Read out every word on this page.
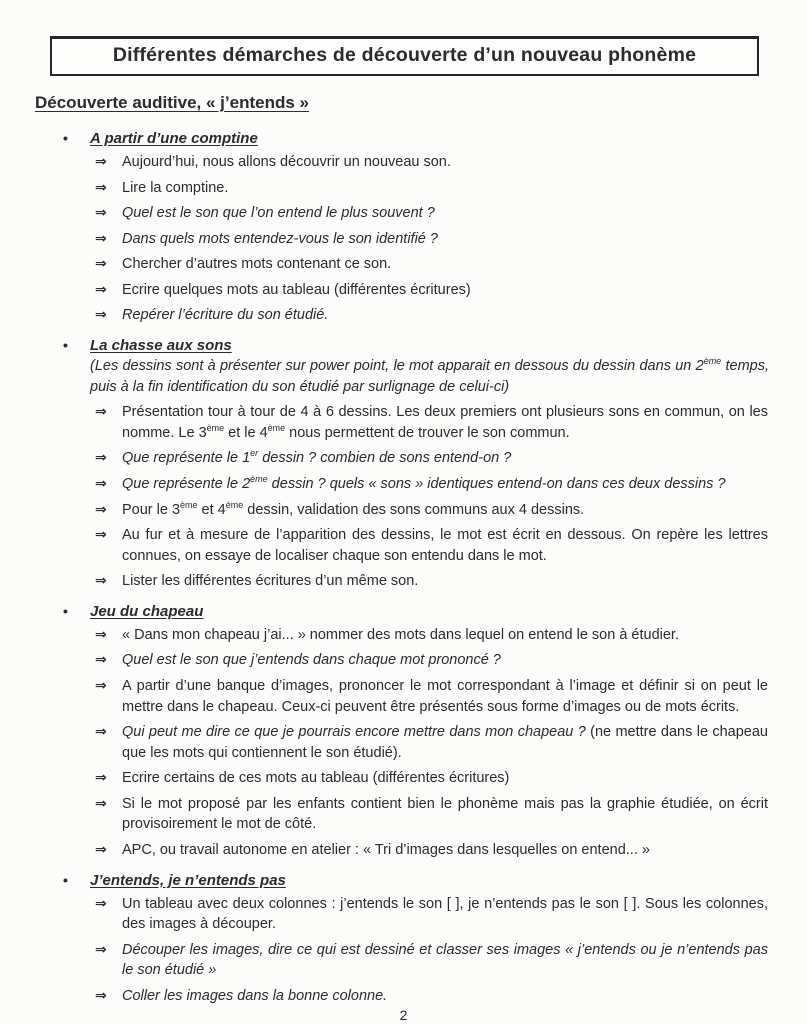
Différentes démarches de découverte d’un nouveau phonème
Découverte auditive, « j’entends »
• A partir d’une comptine
⇒	Aujourd’hui, nous allons découvrir un nouveau son.
⇒	Lire la comptine.
⇒	Quel est le son que l’on entend le plus souvent ?
⇒	Dans quels mots entendez-vous le son identifié ?
⇒	Chercher d’autres mots contenant ce son.
⇒	Ecrire quelques mots au tableau (différentes écritures)
⇒	Repérer l’écriture du son étudié.
• La chasse aux sons
(Les dessins sont à présenter sur power point, le mot apparait en dessous du dessin dans un 2ème temps, puis à la fin identification du son étudié par surlignage de celui-ci)
⇒	Présentation tour à tour de 4 à 6 dessins. Les deux premiers ont plusieurs sons en commun, on les nomme. Le 3ème et le 4ème nous permettent de trouver le son commun.
⇒	Que représente le 1er dessin ? combien de sons entend-on ?
⇒	Que représente le 2ème dessin ? quels « sons » identiques entend-on dans ces deux dessins ?
⇒	Pour le 3ème et 4ème dessin, validation des sons communs aux 4 dessins.
⇒	Au fur et à mesure de l’apparition des dessins, le mot est écrit en dessous. On repère les lettres connues, on essaye de localiser chaque son entendu dans le mot.
⇒	Lister les différentes écritures d’un même son.
• Jeu du chapeau
⇒	« Dans mon chapeau j’ai... » nommer des mots dans lequel on entend le son à étudier.
⇒	Quel est le son que j’entends dans chaque mot prononcé ?
⇒	A partir d’une banque d’images, prononcer le mot correspondant à l’image et définir si on peut le mettre dans le chapeau. Ceux-ci peuvent être présentés sous forme d’images ou de mots écrits.
⇒	Qui peut me dire ce que je pourrais encore mettre dans mon chapeau ? (ne mettre dans le chapeau que les mots qui contiennent le son étudié).
⇒	Ecrire certains de ces mots au tableau (différentes écritures)
⇒	Si le mot proposé par les enfants contient bien le phonème mais pas la graphie étudiée, on écrit provisoirement le mot de côté.
⇒	APC, ou travail autonome en atelier : « Tri d’images dans lesquelles on entend... »
• J’entends, je n’entends pas
⇒	Un tableau avec deux colonnes : j’entends le son [ ], je n’entends pas le son [ ]. Sous les colonnes, des images à découper.
⇒	Découper les images, dire ce qui est dessiné et classer ses images « j’entends ou je n’entends pas le son étudié »
⇒	Coller les images dans la bonne colonne.
2
